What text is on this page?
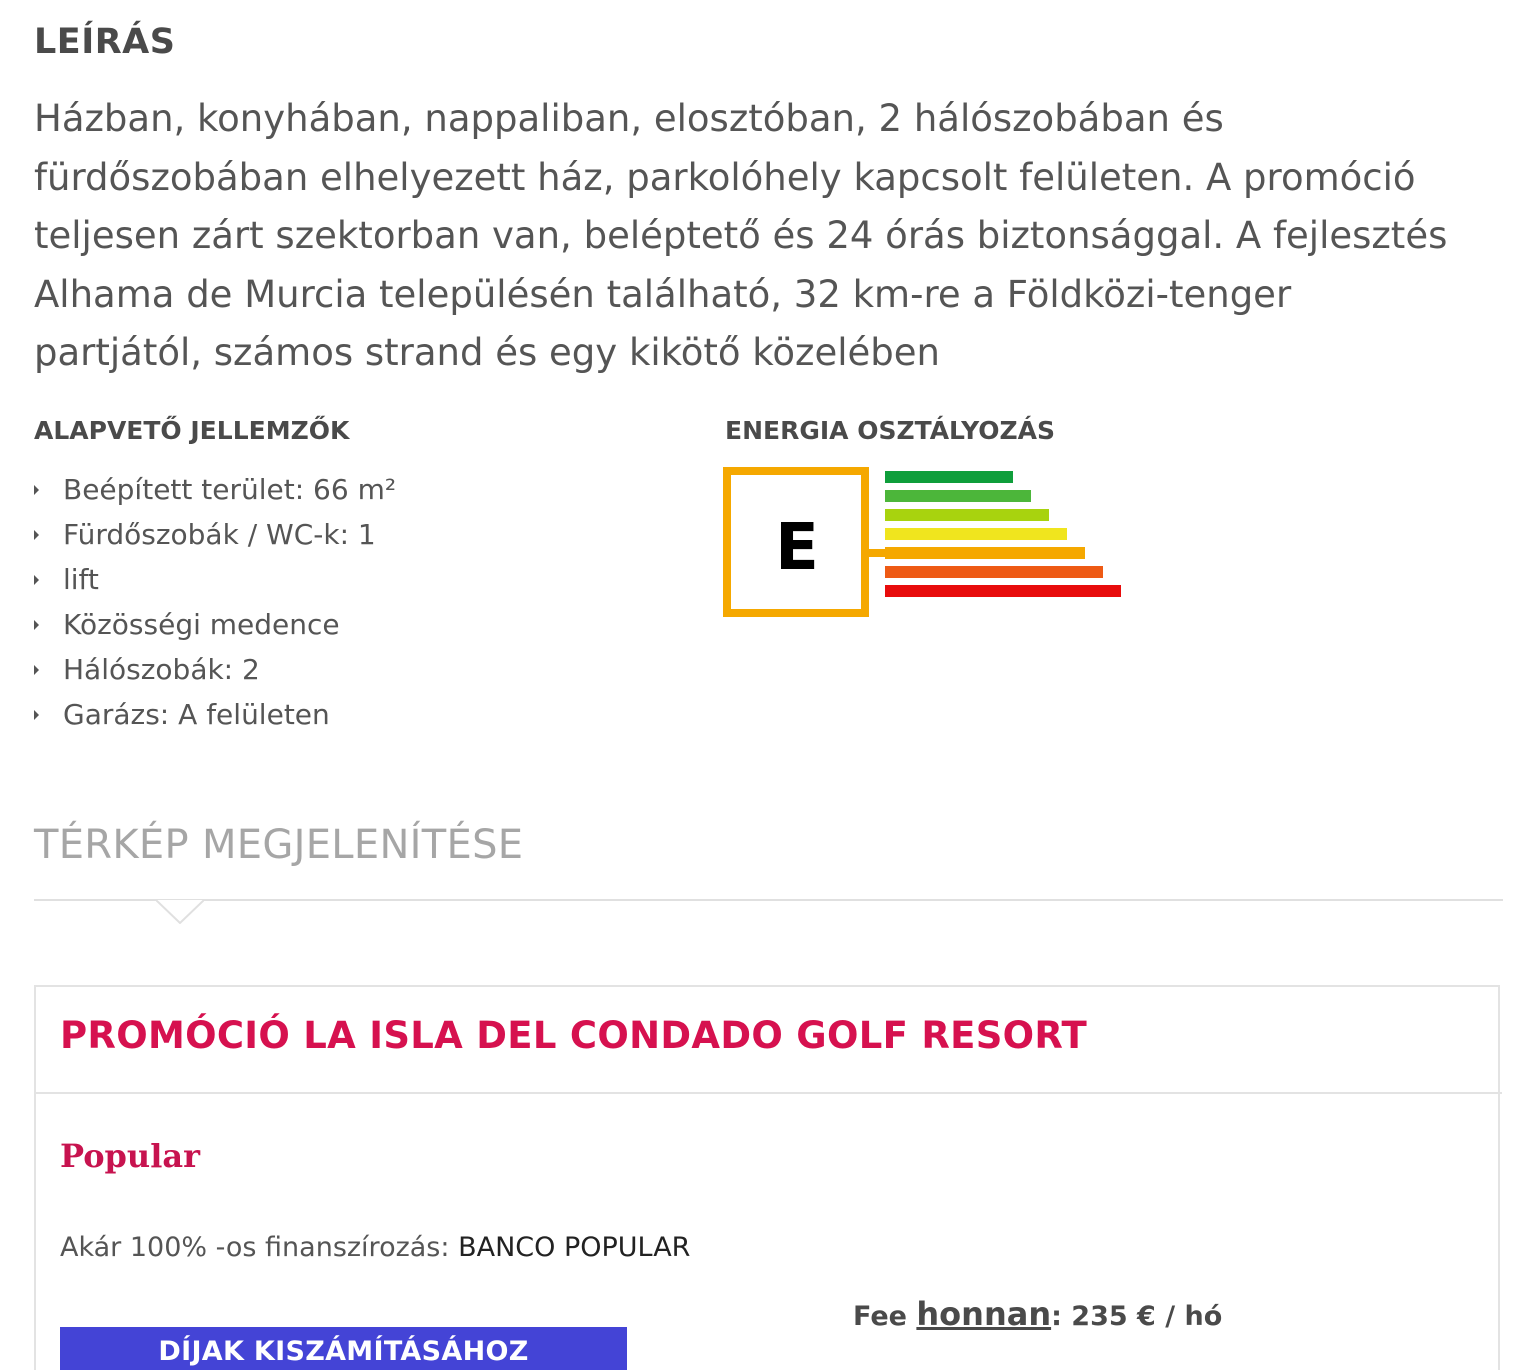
LEÍRÁS
Házban, konyhában, nappaliban, elosztóban, 2 hálószobában és
fürdőszobában elhelyezett ház, parkolóhely kapcsolt felületen. A promóció
teljesen zárt szektorban van, beléptető és 24 órás biztonsággal. A fejlesztés
Alhama de Murcia településén található, 32 km-re a Földközi-tenger
partjától, számos strand és egy kikötő közelében
ALAPVETŐ JELLEMZŐK
Beépített terület: 66 m²
Fürdőszobák / WC-k: 1
lift
Közösségi medence
Hálószobák: 2
Garázs: A felületen
ENERGIA OSZTÁLYOZÁS
E
TÉRKÉP MEGJELENÍTÉSE
PROMÓCIÓ LA ISLA DEL CONDADO GOLF RESORT
Popular
Akár 100% -os finanszírozás: BANCO POPULAR
Fee honnan: 235 € / hó
DÍJAK KISZÁMÍTÁSÁHOZ
